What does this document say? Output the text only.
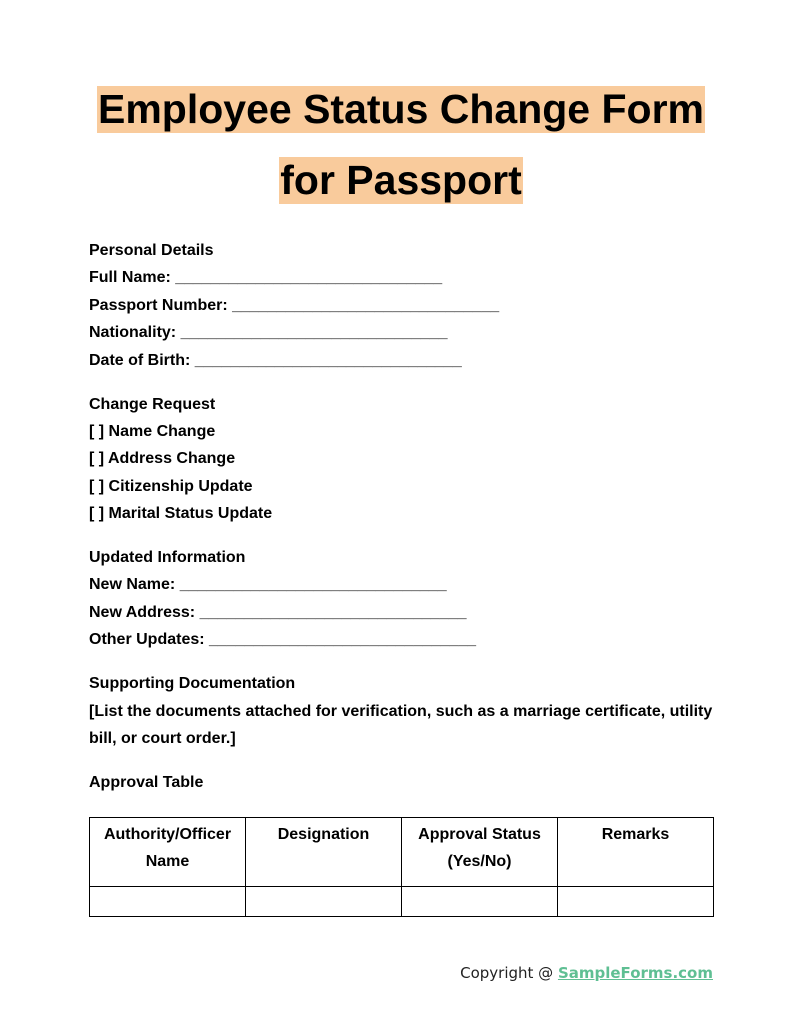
Employee Status Change Form
for Passport
Personal Details
Full Name: ______________________________
Passport Number: ______________________________
Nationality: ______________________________
Date of Birth: ______________________________
Change Request
[ ] Name Change
[ ] Address Change
[ ] Citizenship Update
[ ] Marital Status Update
Updated Information
New Name: ______________________________
New Address: ______________________________
Other Updates: ______________________________
Supporting Documentation
[List the documents attached for verification, such as a marriage certificate, utility bill, or court order.]
Approval Table
Authority/Officer Name	Designation	Approval Status (Yes/No)	Remarks

Copyright @ SampleForms.com
